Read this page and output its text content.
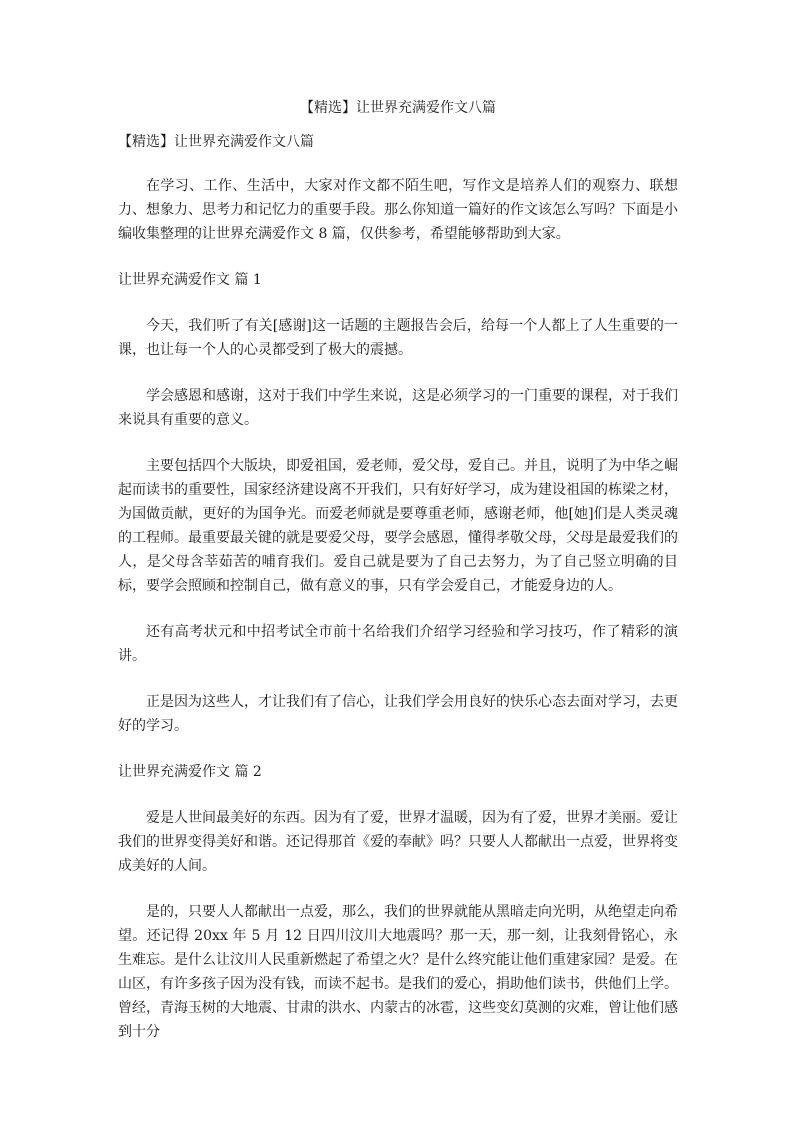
【精选】让世界充满爱作文八篇

【精选】让世界充满爱作文八篇

在学习、工作、生活中，大家对作文都不陌生吧，写作文是培养人们的观察力、联想力、想象力、思考力和记忆力的重要手段。那么你知道一篇好的作文该怎么写吗？下面是小编收集整理的让世界充满爱作文 8 篇，仅供参考，希望能够帮助到大家。

让世界充满爱作文 篇 1

今天，我们听了有关[感谢]这一话题的主题报告会后，给每一个人都上了人生重要的一课，也让每一个人的心灵都受到了极大的震撼。

学会感恩和感谢，这对于我们中学生来说，这是必须学习的一门重要的课程，对于我们来说具有重要的意义。

主要包括四个大版块，即爱祖国，爱老师，爱父母，爱自己。并且，说明了为中华之崛起而读书的重要性，国家经济建设离不开我们，只有好好学习，成为建设祖国的栋梁之材，为国做贡献，更好的为国争光。而爱老师就是要尊重老师，感谢老师，他[她]们是人类灵魂的工程师。最重要最关键的就是要爱父母，要学会感恩，懂得孝敬父母，父母是最爱我们的人，是父母含莘茹苦的哺育我们。爱自己就是要为了自己去努力，为了自己竖立明确的目标，要学会照顾和控制自己，做有意义的事，只有学会爱自己，才能爱身边的人。

还有高考状元和中招考试全市前十名给我们介绍学习经验和学习技巧，作了精彩的演讲。

正是因为这些人，才让我们有了信心，让我们学会用良好的快乐心态去面对学习，去更好的学习。

让世界充满爱作文 篇 2

爱是人世间最美好的东西。因为有了爱，世界才温暖，因为有了爱，世界才美丽。爱让我们的世界变得美好和谐。还记得那首《爱的奉献》吗？只要人人都献出一点爱，世界将变成美好的人间。

是的，只要人人都献出一点爱，那么，我们的世界就能从黑暗走向光明，从绝望走向希望。还记得 20xx 年 5 月 12 日四川汶川大地震吗？那一天，那一刻，让我刻骨铭心，永生难忘。是什么让汶川人民重新燃起了希望之火？是什么终究能让他们重建家园？是爱。在山区，有许多孩子因为没有钱，而读不起书。是我们的爱心，捐助他们读书，供他们上学。曾经，青海玉树的大地震、甘肃的洪水、内蒙古的冰雹，这些变幻莫测的灾难，曾让他们感到十分
